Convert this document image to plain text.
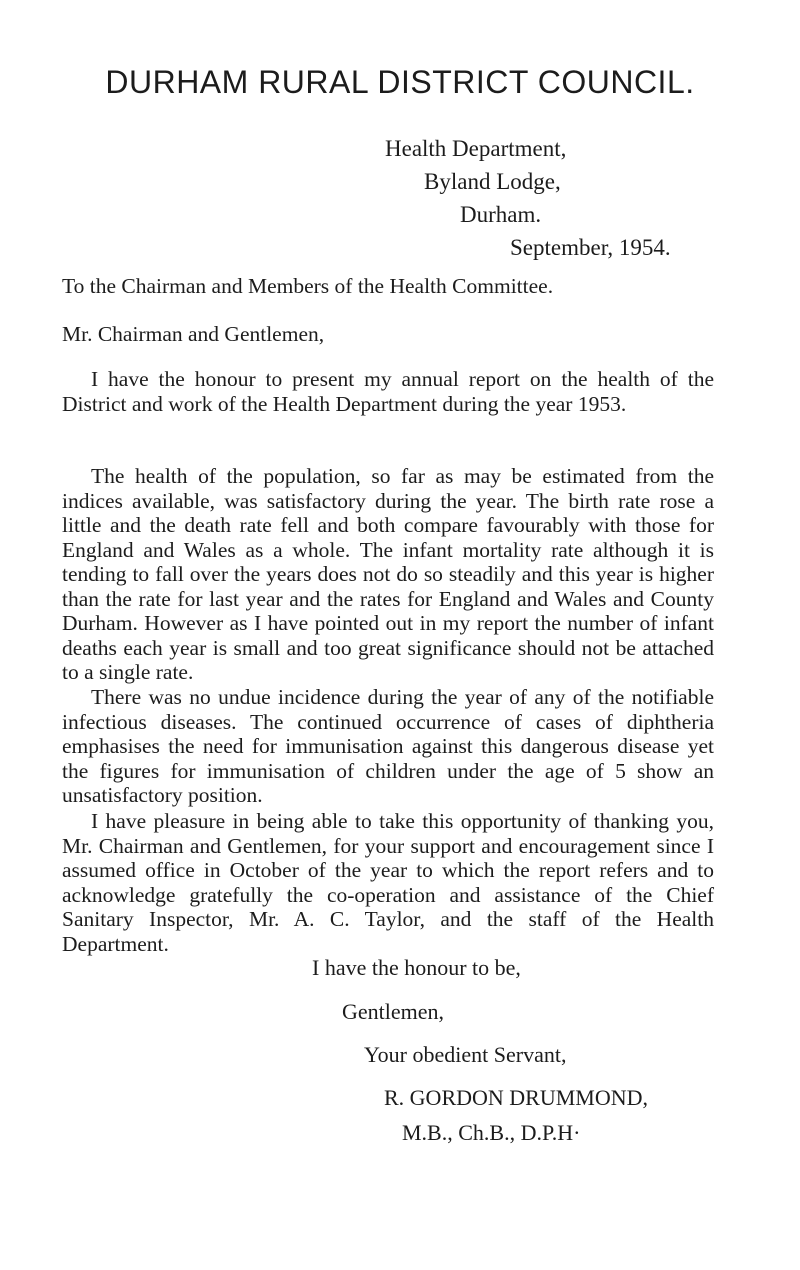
DURHAM RURAL DISTRICT COUNCIL.
Health Department,
Byland Lodge,
Durham.
September, 1954.
To the Chairman and Members of the Health Committee.
Mr. Chairman and Gentlemen,

I have the honour to present my annual report on the health of the District and work of the Health Department during the year 1953.

The health of the population, so far as may be estimated from the indices available, was satisfactory during the year. The birth rate rose a little and the death rate fell and both compare favourably with those for England and Wales as a whole. The infant mortality rate although it is tending to fall over the years does not do so steadily and this year is higher than the rate for last year and the rates for England and Wales and County Durham. However as I have pointed out in my report the number of infant deaths each year is small and too great significance should not be attached to a single rate.

There was no undue incidence during the year of any of the notifiable infectious diseases. The continued occurrence of cases of diphtheria emphasises the need for immunisation against this dangerous disease yet the figures for immunisation of children under the age of 5 show an unsatisfactory position.

I have pleasure in being able to take this opportunity of thanking you, Mr. Chairman and Gentlemen, for your support and encouragement since I assumed office in October of the year to which the report refers and to acknowledge gratefully the co-operation and assistance of the Chief Sanitary Inspector, Mr. A. C. Taylor, and the staff of the Health Department.

I have the honour to be,
Gentlemen,
Your obedient Servant,
R. GORDON DRUMMOND,
M.B., Ch.B., D.P.H·
